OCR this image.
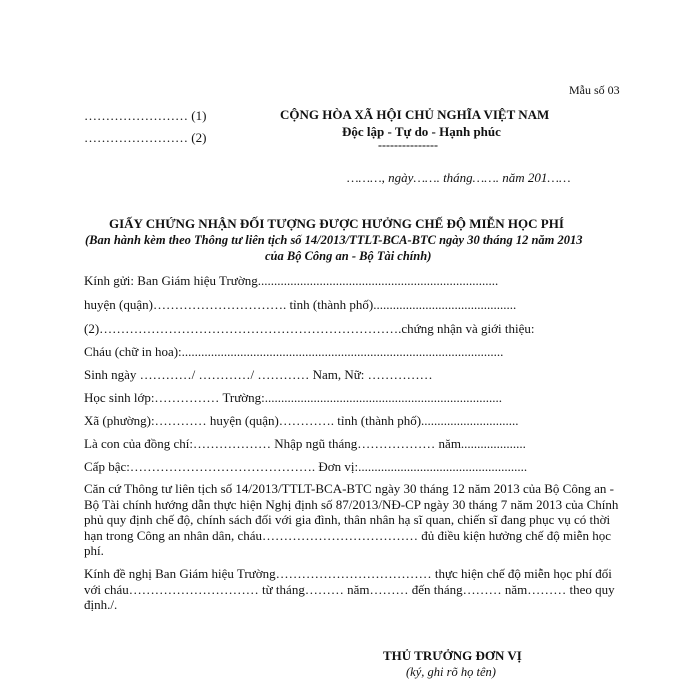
Mẫu số 03
…………………… (1)
…………………… (2)
CỘNG HÒA XÃ HỘI CHỦ NGHĨA VIỆT NAM
Độc lập - Tự do - Hạnh phúc
---------------
………, ngày……. tháng……. năm 201……
GIẤY CHỨNG NHẬN ĐỐI TƯỢNG ĐƯỢC HƯỞNG CHẾ ĐỘ MIỄN HỌC PHÍ
(Ban hành kèm theo Thông tư liên tịch số 14/2013/TTLT-BCA-BTC ngày 30 tháng 12 năm 2013
của Bộ Công an - Bộ Tài chính)
Kính gửi: Ban Giám hiệu Trường..........................................................................
huyện (quận)…………………………. tỉnh (thành phố)............................................
(2)…………………………………………………………….chứng nhận và giới thiệu:
Cháu (chữ in hoa):...................................................................................................
Sinh ngày …………/ …………/ ………… Nam, Nữ: ……………
Học sinh lớp:…………… Trường:.........................................................................
Xã (phường):………… huyện (quận)…………. tỉnh (thành phố)..............................
Là con của đồng chí:……………… Nhập ngũ tháng……………… năm....................
Cấp bậc:……………………………………. Đơn vị:....................................................
Căn cứ Thông tư liên tịch số 14/2013/TTLT-BCA-BTC ngày 30 tháng 12 năm 2013 của Bộ Công an - Bộ Tài chính hướng dẫn thực hiện Nghị định số 87/2013/NĐ-CP ngày 30 tháng 7 năm 2013 của Chính phủ quy định chế độ, chính sách đối với gia đình, thân nhân hạ sĩ quan, chiến sĩ đang phục vụ có thời hạn trong Công an nhân dân, cháu……………………………… đủ điều kiện hưởng chế độ miễn học phí.
Kính đề nghị Ban Giám hiệu Trường……………………………… thực hiện chế độ miễn học phí đối với cháu………………………… từ tháng……… năm……… đến tháng……… năm……… theo quy định./.
THỦ TRƯỞNG ĐƠN VỊ
(ký, ghi rõ họ tên)
